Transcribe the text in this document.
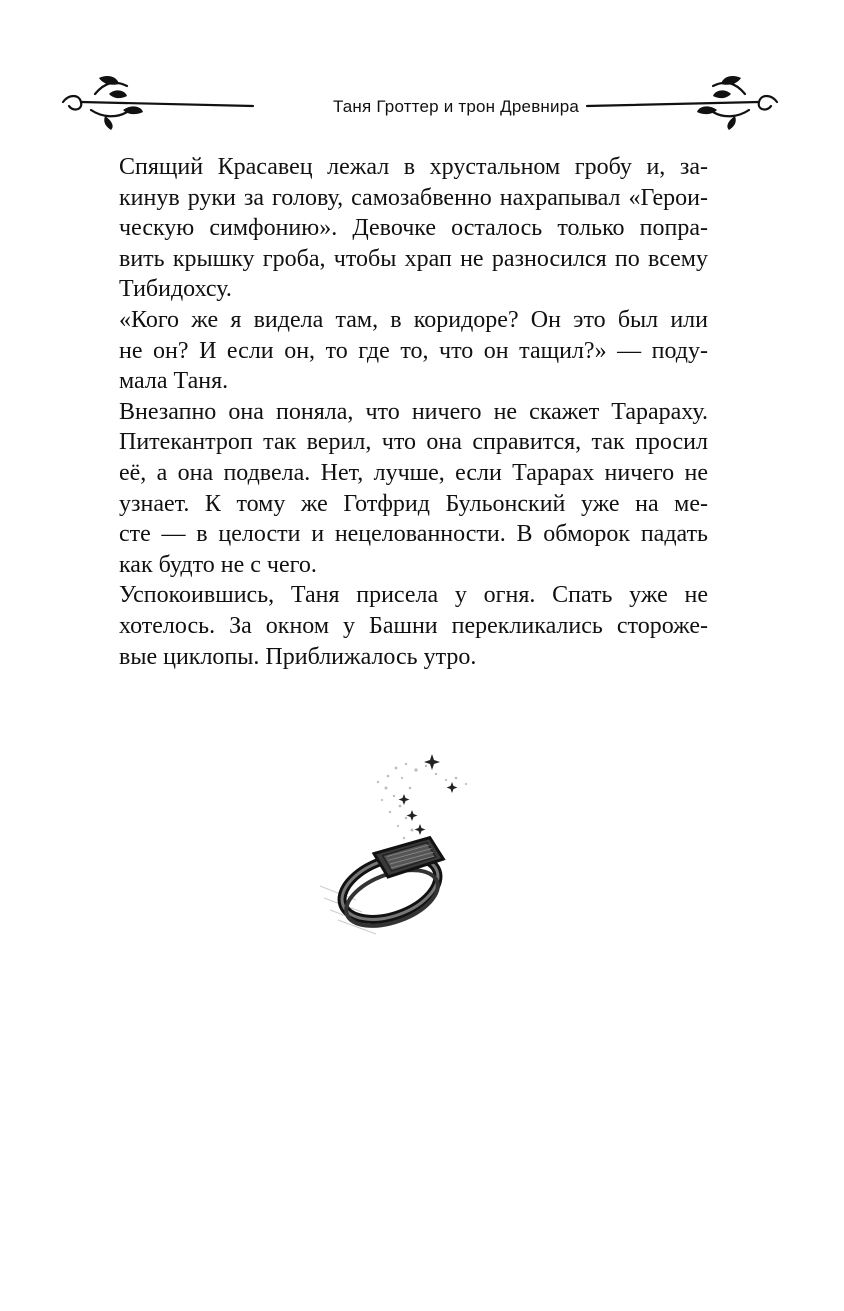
Таня Гроттер и трон Древнира

Спящий Красавец лежал в хрустальном гробу и, за-
кинув руки за голову, самозабвенно нахрапывал «Герои-
ческую симфонию». Девочке осталось только попра-
вить крышку гроба, чтобы храп не разносился по всему
Тибидохсу.

«Кого же я видела там, в коридоре? Он это был или
не он? И если он, то где то, что он тащил?» — поду-
мала Таня.

Внезапно она поняла, что ничего не скажет Тарараху.
Питекантроп так верил, что она справится, так просил
её, а она подвела. Нет, лучше, если Тарарах ничего не
узнает. К тому же Готфрид Бульонский уже на ме-
сте — в целости и нецелованности. В обморок падать
как будто не с чего.

Успокоившись, Таня присела у огня. Спать уже не
хотелось. За окном у Башни перекликались стороже-
вые циклопы. Приближалось утро.
